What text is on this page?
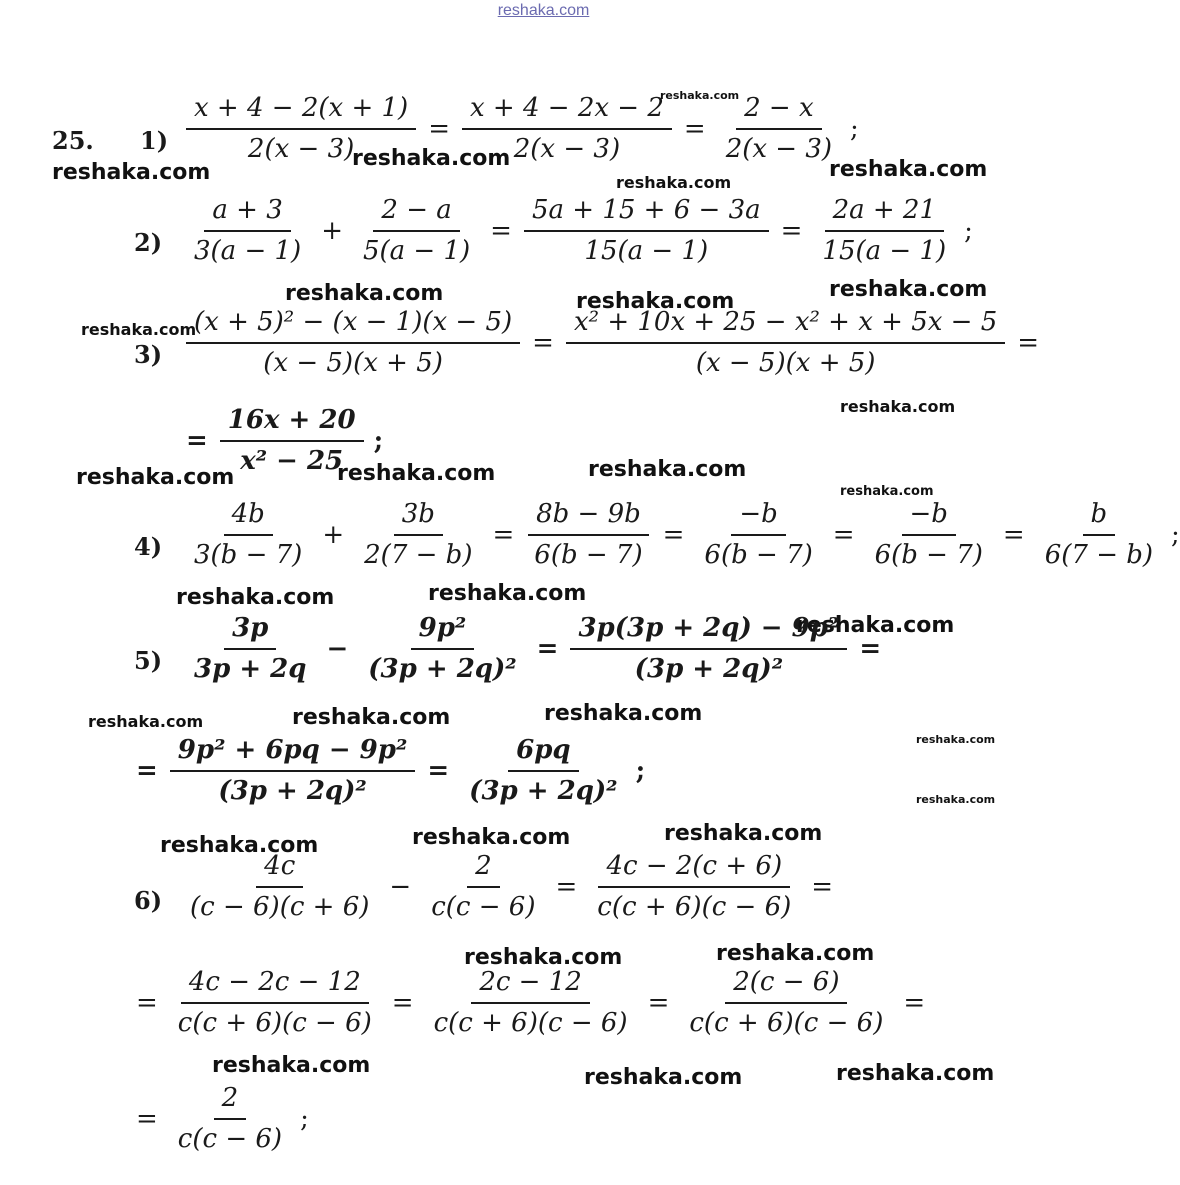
reshaka.com
reshaka.com
reshaka.com
reshaka.com	reshaka.com
reshaka.com
reshaka.com	reshaka.com	reshaka.com
reshaka.com
reshaka.com
reshaka.com	reshaka.com	reshaka.com
reshaka.com
reshaka.com	reshaka.com
reshaka.com
reshaka.com	reshaka.com	reshaka.com
reshaka.com
reshaka.com
reshaka.com	reshaka.com	reshaka.com
reshaka.com	reshaka.com
reshaka.com	reshaka.com	reshaka.com
25. $1) \frac{x + 4 - 2(x + 1)}{2(x - 3)} = \frac{x + 4 - 2x - 2}{2(x - 3)} = \frac{2 - x}{2(x - 3)}$ ;
$2) \frac{a + 3}{3(a - 1)} + \frac{2 - a}{5(a - 1)} = \frac{5a + 15 + 6 - 3a}{15(a - 1)} = \frac{2a + 21}{15(a - 1)}$ ;
$3) \frac{\text{(x + 5)² − (x − 1)(x − 5)}}{(x - 5)(x + 5)} = \frac{\text{x² + 10x + 25 − x² + x + 5x − 5}}{(x - 5)(x + 5)}$ =
= $\frac{16x + 20}{\text{x² − 25}}$ ;
$4) \frac{4b}{3(b - 7)} + \frac{3b}{2(7 - b)} = \frac{8b - 9b}{6(b - 7)} = \frac{-b}{6(b - 7)} = \frac{-b}{6(b - 7)} = \frac{b}{6(7 - b)}$ ;
$5) \frac{3p}{3p + 2q} - \frac{\text{9p²}}{\text{(3p + 2q)²}} = \frac{\text{3p(3p + 2q) − 9p²}}{\text{(3p + 2q)²}}$ =
= $\frac{\text{9p² + 6pq − 9p²}}{\text{(3p + 2q)²}} = \frac{6pq}{\text{(3p + 2q)²}}$ ;
$6) \frac{4c}{(c - 6)(c + 6)} - \frac{2}{c(c - 6)} = \frac{4c - 2(c + 6)}{c(c + 6)(c - 6)}$ =
= $\frac{4c - 2c - 12}{c(c + 6)(c - 6)} = \frac{2c - 12}{c(c + 6)(c - 6)} = \frac{2(c - 6)}{c(c + 6)(c - 6)}$ =
= $\frac{2}{c(c - 6)}$ ;
